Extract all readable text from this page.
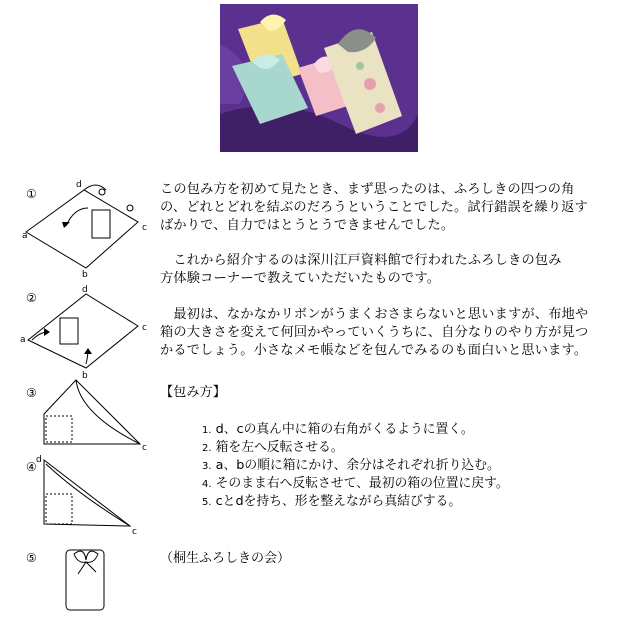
①
②
③
④
⑤
d
a
b
c
d
a
b
c
c
d
c
この包み方を初めて見たとき、まず思ったのは、ふろしきの四つの角
の、どれとどれを結ぶのだろうということでした。試行錯誤を繰り返す
ばかりで、自力ではとうとうできませんでした。
　これから紹介するのは深川江戸資料館で行われたふろしきの包み
方体験コーナーで教えていただいたものです。
　最初は、なかなかリボンがうまくおさまらないと思いますが、布地や
箱の大きさを変えて何回かやっていくうちに、自分なりのやり方が見つ
かるでしょう。小さなメモ帳などを包んでみるのも面白いと思います。
【包み方】
1. d、cの真ん中に箱の右角がくるように置く。
2. 箱を左へ反転させる。
3. a、bの順に箱にかけ、余分はそれぞれ折り込む。
4. そのまま右へ反転させて、最初の箱の位置に戻す。
5. cとdを持ち、形を整えながら真結びする。
（桐生ふろしきの会）
